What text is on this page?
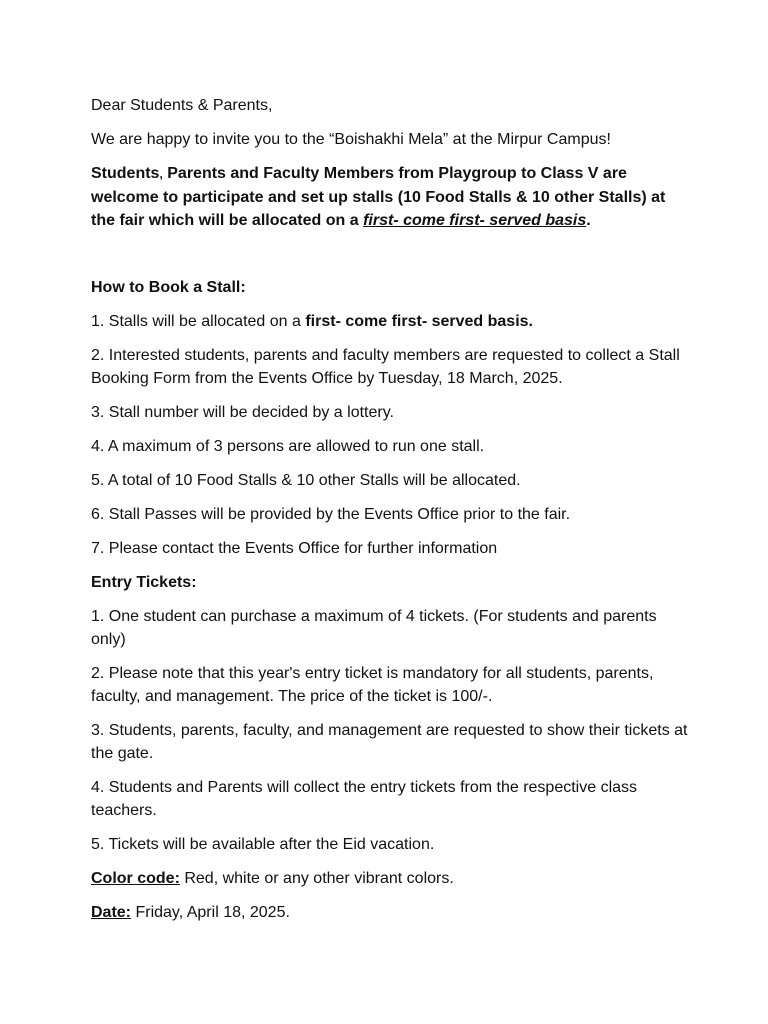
Dear Students & Parents,

We are happy to invite you to the “Boishakhi Mela” at the Mirpur Campus!

Students, Parents and Faculty Members from Playgroup to Class V are welcome to participate and set up stalls (10 Food Stalls & 10 other Stalls) at the fair which will be allocated on a first- come first- served basis.

How to Book a Stall:

1. Stalls will be allocated on a first- come first- served basis.

2. Interested students, parents and faculty members are requested to collect a Stall Booking Form from the Events Office by Tuesday, 18 March, 2025.

3. Stall number will be decided by a lottery.

4. A maximum of 3 persons are allowed to run one stall.

5. A total of 10 Food Stalls & 10 other Stalls will be allocated.

6. Stall Passes will be provided by the Events Office prior to the fair.

7. Please contact the Events Office for further information

Entry Tickets:

1. One student can purchase a maximum of 4 tickets. (For students and parents only)

2. Please note that this year's entry ticket is mandatory for all students, parents, faculty, and management. The price of the ticket is 100/-.

3. Students, parents, faculty, and management are requested to show their tickets at the gate.

4. Students and Parents will collect the entry tickets from the respective class teachers.

5. Tickets will be available after the Eid vacation.

Color code: Red, white or any other vibrant colors.

Date: Friday, April 18, 2025.
